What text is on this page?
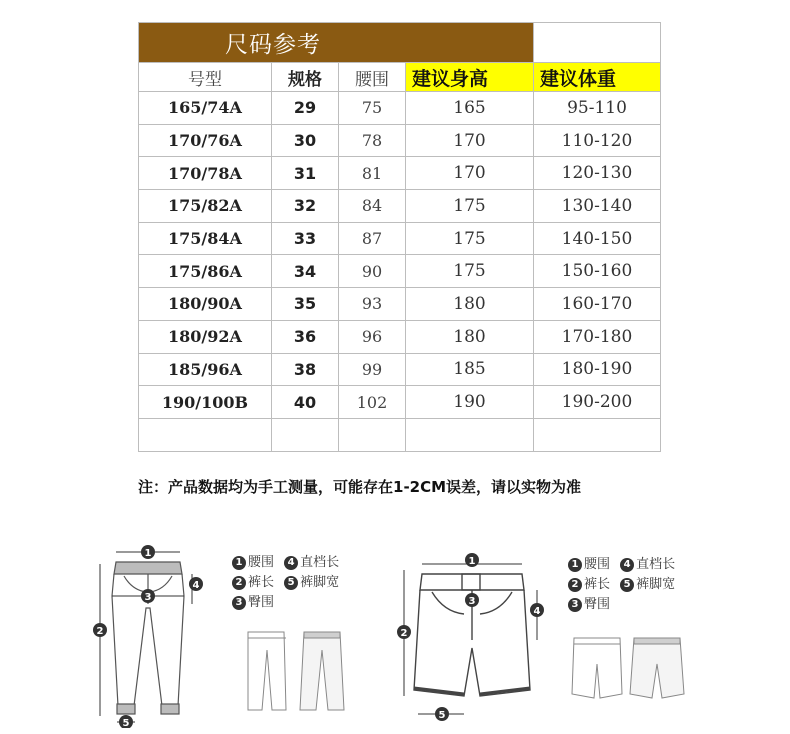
尺码参考				
号型	规格	腰围	建议身高	建议体重
165/74A	29	75	165	95-110
170/76A	30	78	170	110-120
170/78A	31	81	170	120-130
175/82A	32	84	175	130-140
175/84A	33	87	175	140-150
175/86A	34	90	175	150-160
180/90A	35	93	180	160-170
180/92A	36	96	180	170-180
185/96A	38	99	185	180-190
190/100B	40	102	190	190-200

注：产品数据均为手工测量，可能存在1-2CM误差，请以实物为准
1
2
3
4
5
1 腰围 4 直档长
2 裤长 5 裤脚宽
3 臀围
1
2
3
4
5
1 腰围 4 直档长
2 裤长 5 裤脚宽
3 臀围
